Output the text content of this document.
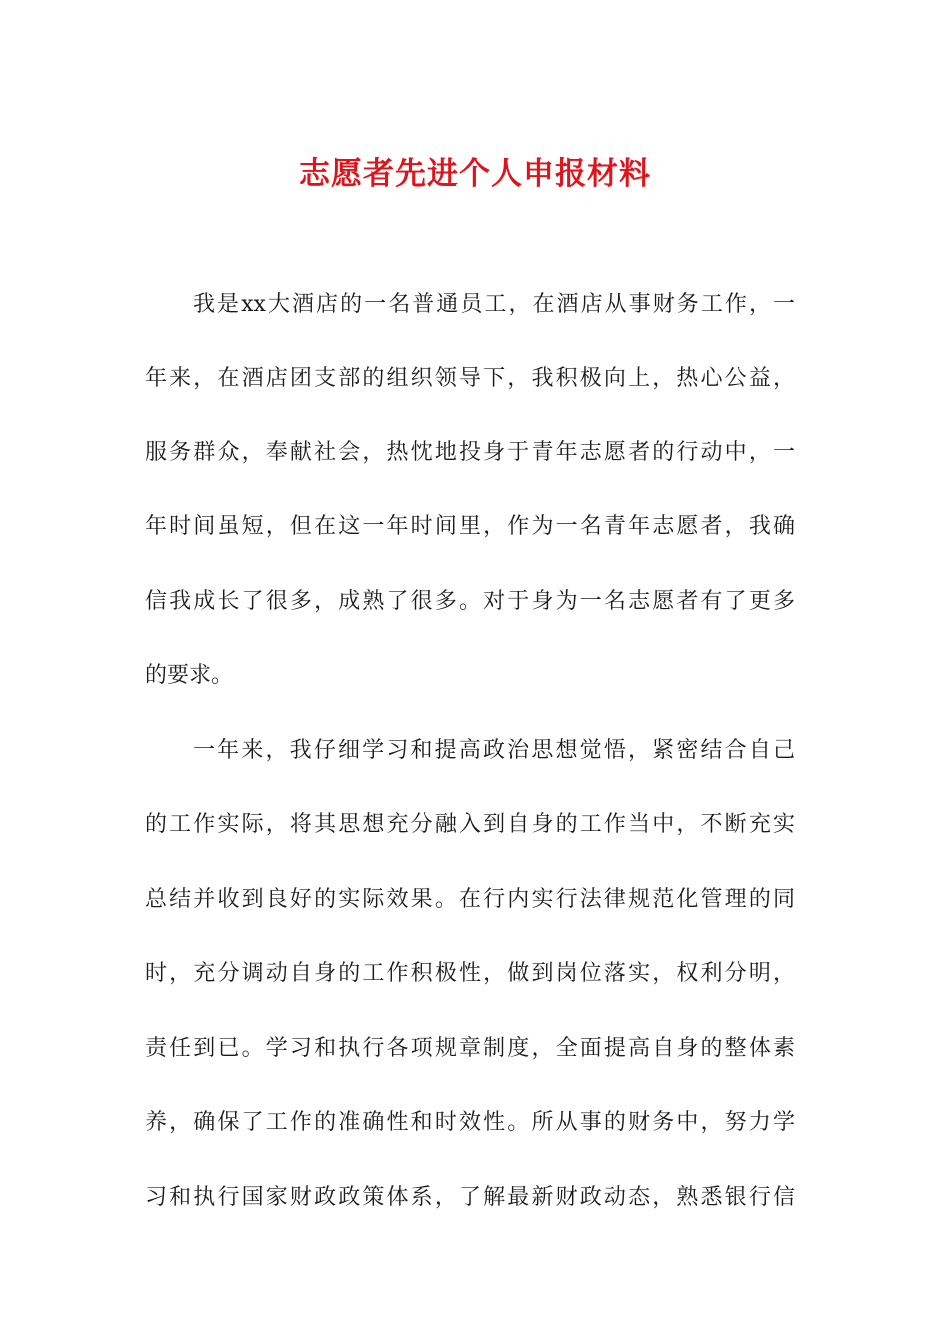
志愿者先进个人申报材料
我是xx大酒店的一名普通员工，在酒店从事财务工作，一
年来，在酒店团支部的组织领导下，我积极向上，热心公益，
服务群众，奉献社会，热忱地投身于青年志愿者的行动中，一
年时间虽短，但在这一年时间里，作为一名青年志愿者，我确
信我成长了很多，成熟了很多。对于身为一名志愿者有了更多
的要求。
一年来，我仔细学习和提高政治思想觉悟，紧密结合自己
的工作实际，将其思想充分融入到自身的工作当中，不断充实
总结并收到良好的实际效果。在行内实行法律规范化管理的同
时，充分调动自身的工作积极性，做到岗位落实，权利分明，
责任到已。学习和执行各项规章制度，全面提高自身的整体素
养，确保了工作的准确性和时效性。所从事的财务中，努力学
习和执行国家财政政策体系，了解最新财政动态，熟悉银行信
